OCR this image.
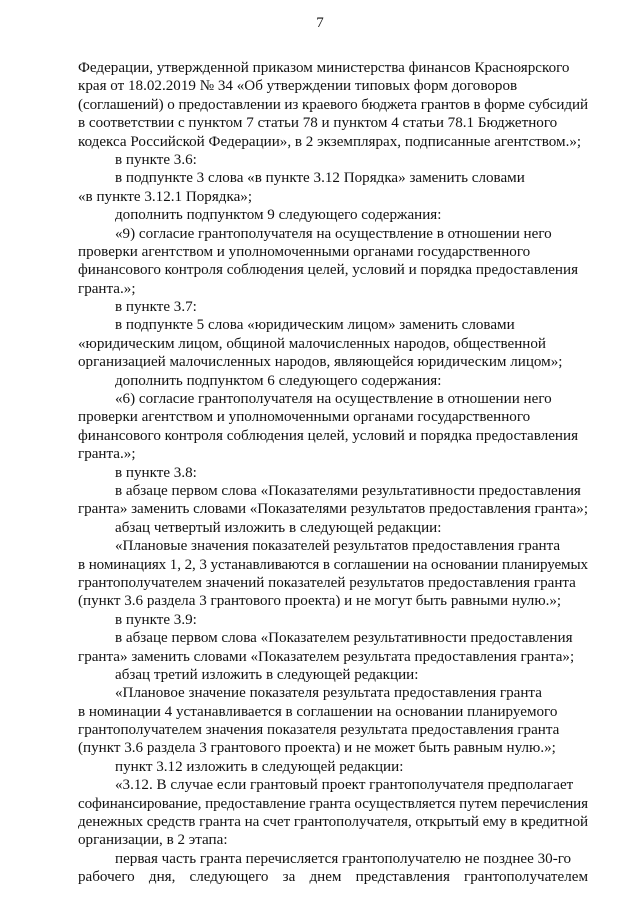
7
Федерации, утвержденной приказом министерства финансов Красноярского
края от 18.02.2019 № 34 «Об утверждении типовых форм договоров
(соглашений) о предоставлении из краевого бюджета грантов в форме субсидий
в соответствии с пунктом 7 статьи 78 и пунктом 4 статьи 78.1 Бюджетного
кодекса Российской Федерации», в 2 экземплярах, подписанные агентством.»;
в пункте 3.6:
в подпункте 3 слова «в пункте 3.12 Порядка» заменить словами
«в пункте 3.12.1 Порядка»;
дополнить подпунктом 9 следующего содержания:
«9) согласие грантополучателя на осуществление в отношении него
проверки агентством и уполномоченными органами государственного
финансового контроля соблюдения целей, условий и порядка предоставления
гранта.»;
в пункте 3.7:
в подпункте 5 слова «юридическим лицом» заменить словами
«юридическим лицом, общиной малочисленных народов, общественной
организацией малочисленных народов, являющейся юридическим лицом»;
дополнить подпунктом 6 следующего содержания:
«6) согласие грантополучателя на осуществление в отношении него
проверки агентством и уполномоченными органами государственного
финансового контроля соблюдения целей, условий и порядка предоставления
гранта.»;
в пункте 3.8:
в абзаце первом слова «Показателями результативности предоставления
гранта» заменить словами «Показателями результатов предоставления гранта»;
абзац четвертый изложить в следующей редакции:
«Плановые значения показателей результатов предоставления гранта
в номинациях 1, 2, 3 устанавливаются в соглашении на основании планируемых
грантополучателем значений показателей результатов предоставления гранта
(пункт 3.6 раздела 3 грантового проекта) и не могут быть равными нулю.»;
в пункте 3.9:
в абзаце первом слова «Показателем результативности предоставления
гранта» заменить словами «Показателем результата предоставления гранта»;
абзац третий изложить в следующей редакции:
«Плановое значение показателя результата предоставления гранта
в номинации 4 устанавливается в соглашении на основании планируемого
грантополучателем значения показателя результата предоставления гранта
(пункт 3.6 раздела 3 грантового проекта) и не может быть равным нулю.»;
пункт 3.12 изложить в следующей редакции:
«3.12. В случае если грантовый проект грантополучателя предполагает
софинансирование, предоставление гранта осуществляется путем перечисления
денежных средств гранта на счет грантополучателя, открытый ему в кредитной
организации, в 2 этапа:
первая часть гранта перечисляется грантополучателю не позднее 30-го
рабочего дня, следующего за днем представления грантополучателем
